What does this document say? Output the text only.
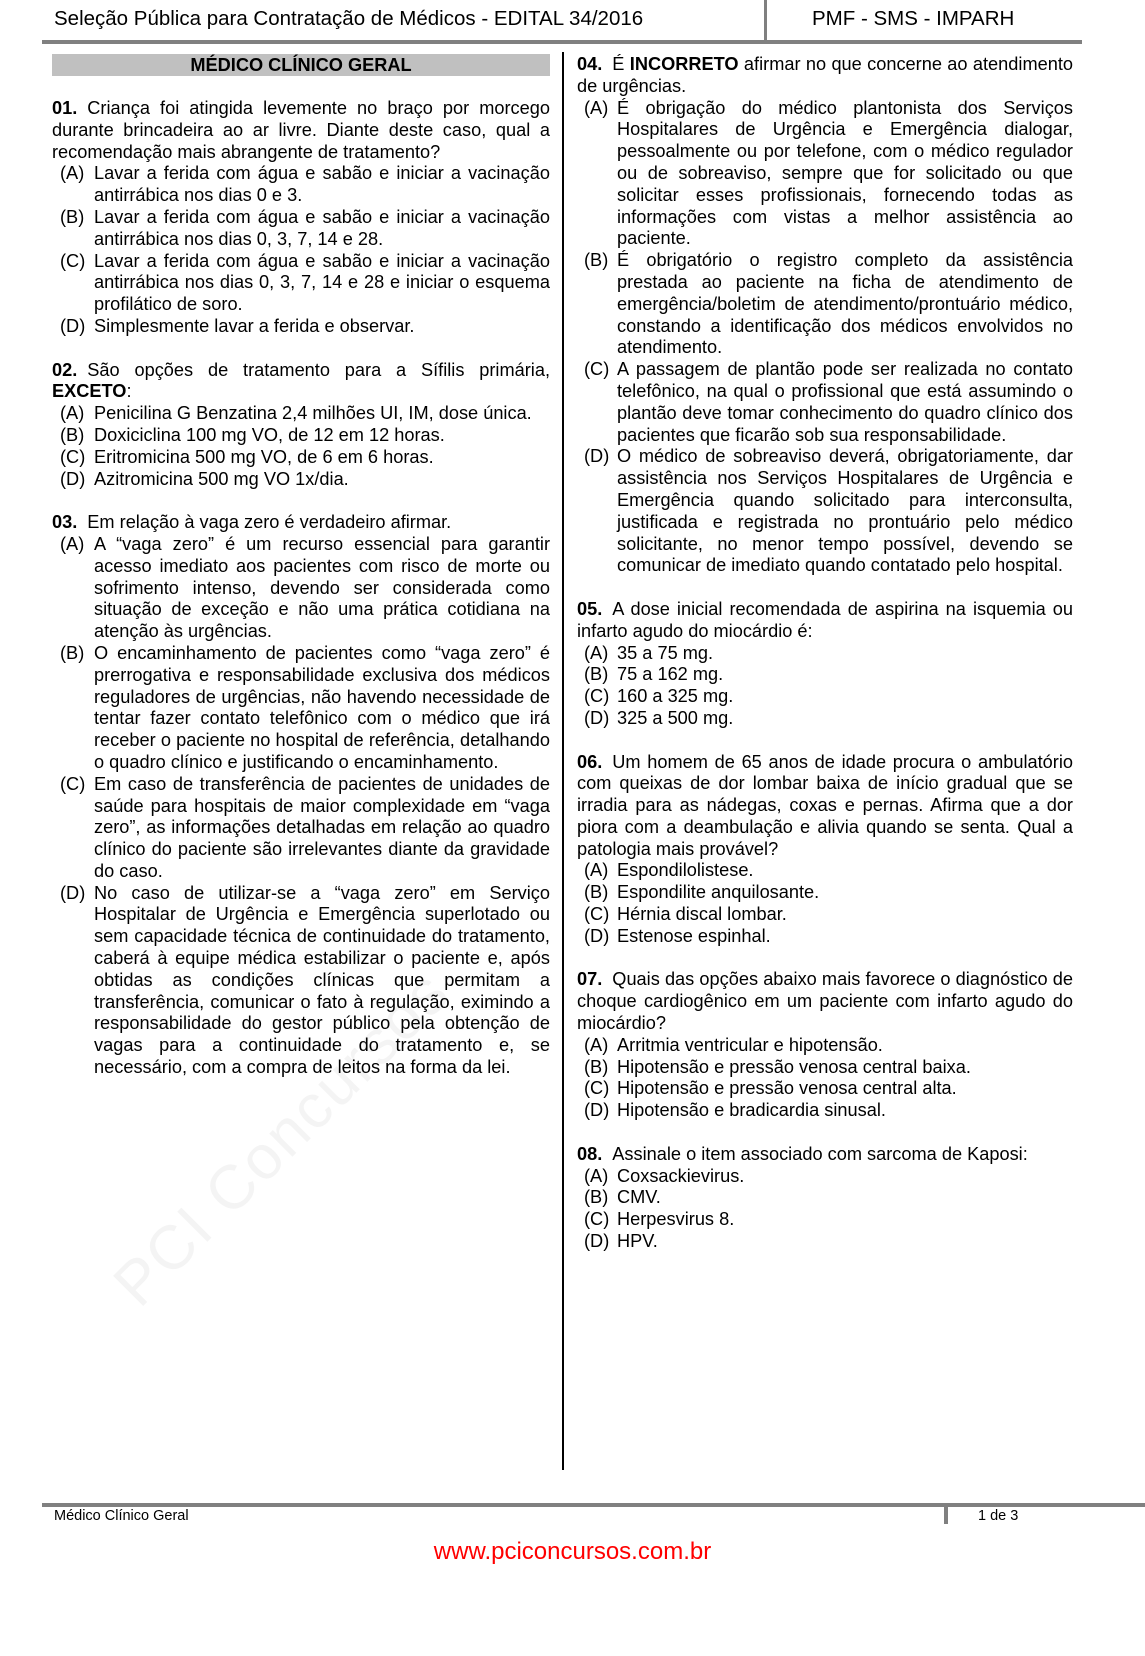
Seleção Pública para Contratação de Médicos - EDITAL 34/2016	PMF - SMS - IMPARH
MÉDICO CLÍNICO GERAL
01. Criança foi atingida levemente no braço por morcego durante brincadeira ao ar livre. Diante deste caso, qual a recomendação mais abrangente de tratamento?
(A) Lavar a ferida com água e sabão e iniciar a vacinação antirrábica nos dias 0 e 3.
(B) Lavar a ferida com água e sabão e iniciar a vacinação antirrábica nos dias 0, 3, 7, 14 e 28.
(C) Lavar a ferida com água e sabão e iniciar a vacinação antirrábica nos dias 0, 3, 7, 14 e 28 e iniciar o esquema profilático de soro.
(D) Simplesmente lavar a ferida e observar.
02. São opções de tratamento para a Sífilis primária, EXCETO:
(A) Penicilina G Benzatina 2,4 milhões UI, IM, dose única.
(B) Doxiciclina 100 mg VO, de 12 em 12 horas.
(C) Eritromicina 500 mg VO, de 6 em 6 horas.
(D) Azitromicina 500 mg VO 1x/dia.
03. Em relação à vaga zero é verdadeiro afirmar.
(A) A “vaga zero” é um recurso essencial para garantir acesso imediato aos pacientes com risco de morte ou sofrimento intenso, devendo ser considerada como situação de exceção e não uma prática cotidiana na atenção às urgências.
(B) O encaminhamento de pacientes como “vaga zero” é prerrogativa e responsabilidade exclusiva dos médicos reguladores de urgências, não havendo necessidade de tentar fazer contato telefônico com o médico que irá receber o paciente no hospital de referência, detalhando o quadro clínico e justificando o encaminhamento.
(C) Em caso de transferência de pacientes de unidades de saúde para hospitais de maior complexidade em “vaga zero”, as informações detalhadas em relação ao quadro clínico do paciente são irrelevantes diante da gravidade do caso.
(D) No caso de utilizar-se a “vaga zero” em Serviço Hospitalar de Urgência e Emergência superlotado ou sem capacidade técnica de continuidade do tratamento, caberá à equipe médica estabilizar o paciente e, após obtidas as condições clínicas que permitam a transferência, comunicar o fato à regulação, eximindo a responsabilidade do gestor público pela obtenção de vagas para a continuidade do tratamento e, se necessário, com a compra de leitos na forma da lei.
04. É INCORRETO afirmar no que concerne ao atendimento de urgências.
(A) É obrigação do médico plantonista dos Serviços Hospitalares de Urgência e Emergência dialogar, pessoalmente ou por telefone, com o médico regulador ou de sobreaviso, sempre que for solicitado ou que solicitar esses profissionais, fornecendo todas as informações com vistas a melhor assistência ao paciente.
(B) É obrigatório o registro completo da assistência prestada ao paciente na ficha de atendimento de emergência/boletim de atendimento/prontuário médico, constando a identificação dos médicos envolvidos no atendimento.
(C) A passagem de plantão pode ser realizada no contato telefônico, na qual o profissional que está assumindo o plantão deve tomar conhecimento do quadro clínico dos pacientes que ficarão sob sua responsabilidade.
(D) O médico de sobreaviso deverá, obrigatoriamente, dar assistência nos Serviços Hospitalares de Urgência e Emergência quando solicitado para interconsulta, justificada e registrada no prontuário pelo médico solicitante, no menor tempo possível, devendo se comunicar de imediato quando contatado pelo hospital.
05. A dose inicial recomendada de aspirina na isquemia ou infarto agudo do miocárdio é:
(A) 35 a 75 mg.
(B) 75 a 162 mg.
(C) 160 a 325 mg.
(D) 325 a 500 mg.
06. Um homem de 65 anos de idade procura o ambulatório com queixas de dor lombar baixa de início gradual que se irradia para as nádegas, coxas e pernas. Afirma que a dor piora com a deambulação e alivia quando se senta. Qual a patologia mais provável?
(A) Espondilolistese.
(B) Espondilite anquilosante.
(C) Hérnia discal lombar.
(D) Estenose espinhal.
07. Quais das opções abaixo mais favorece o diagnóstico de choque cardiogênico em um paciente com infarto agudo do miocárdio?
(A) Arritmia ventricular e hipotensão.
(B) Hipotensão e pressão venosa central baixa.
(C) Hipotensão e pressão venosa central alta.
(D) Hipotensão e bradicardia sinusal.
08. Assinale o item associado com sarcoma de Kaposi:
(A) Coxsackievirus.
(B) CMV.
(C) Herpesvirus 8.
(D) HPV.
Médico Clínico Geral	1 de 3
www.pciconcursos.com.br
